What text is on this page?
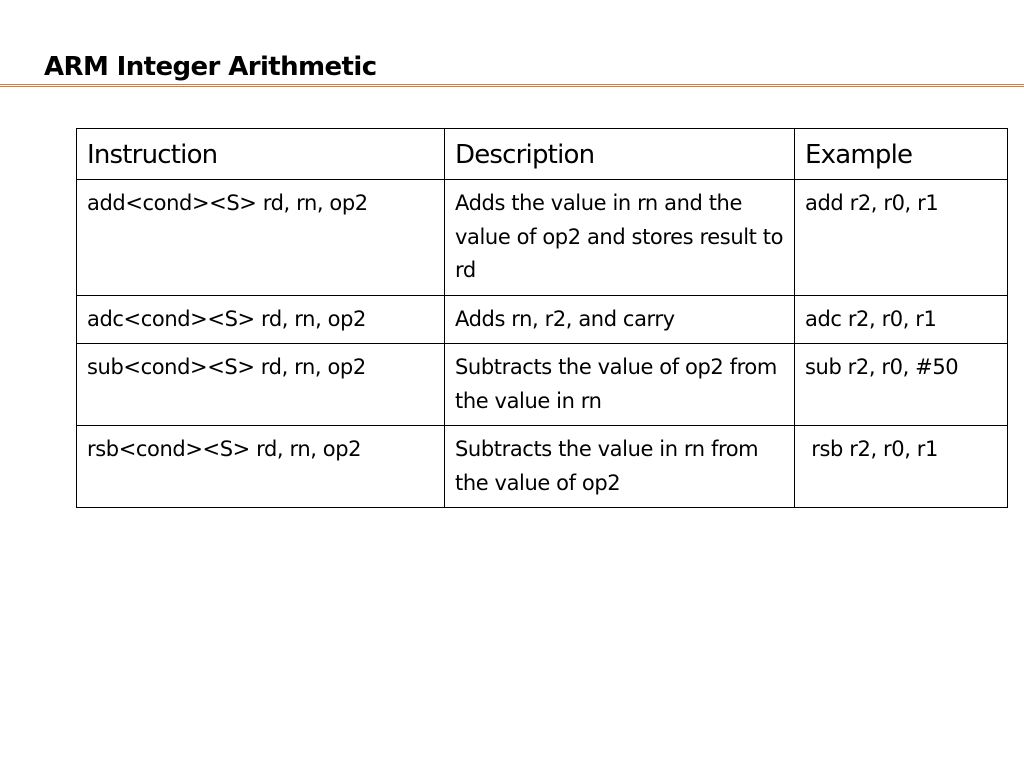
ARM Integer Arithmetic
Instruction	Description	Example
add<cond><S> rd, rn, op2	Adds the value in rn and the value of op2 and stores result to rd	add r2, r0, r1
adc<cond><S> rd, rn, op2	Adds rn, r2, and carry	adc r2, r0, r1
sub<cond><S> rd, rn, op2	Subtracts the value of op2 from the value in rn	sub r2, r0, #50
rsb<cond><S> rd, rn, op2	Subtracts the value in rn from the value of op2	rsb r2, r0, r1
